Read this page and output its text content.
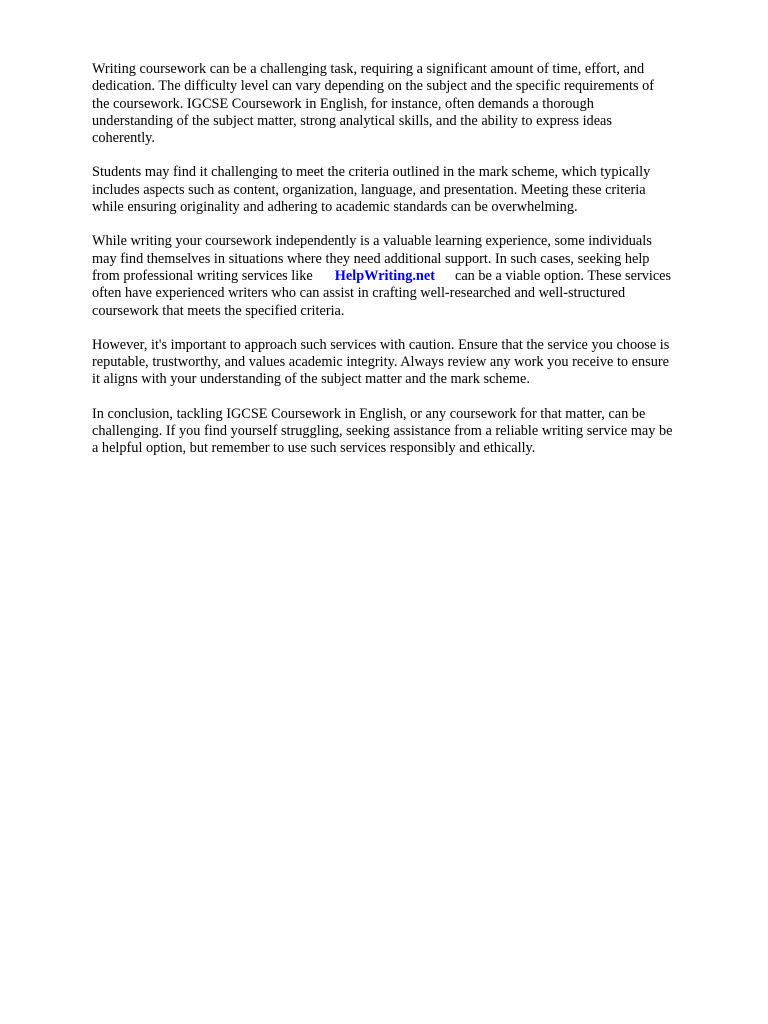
Writing coursework can be a challenging task, requiring a significant amount of time, effort, and
dedication. The difficulty level can vary depending on the subject and the specific requirements of
the coursework. IGCSE Coursework in English, for instance, often demands a thorough
understanding of the subject matter, strong analytical skills, and the ability to express ideas
coherently.

Students may find it challenging to meet the criteria outlined in the mark scheme, which typically
includes aspects such as content, organization, language, and presentation. Meeting these criteria
while ensuring originality and adhering to academic standards can be overwhelming.

While writing your coursework independently is a valuable learning experience, some individuals
may find themselves in situations where they need additional support. In such cases, seeking help
from professional writing services like HelpWriting.net can be a viable option. These services
often have experienced writers who can assist in crafting well-researched and well-structured
coursework that meets the specified criteria.

However, it's important to approach such services with caution. Ensure that the service you choose is
reputable, trustworthy, and values academic integrity. Always review any work you receive to ensure
it aligns with your understanding of the subject matter and the mark scheme.

In conclusion, tackling IGCSE Coursework in English, or any coursework for that matter, can be
challenging. If you find yourself struggling, seeking assistance from a reliable writing service may be
a helpful option, but remember to use such services responsibly and ethically.
